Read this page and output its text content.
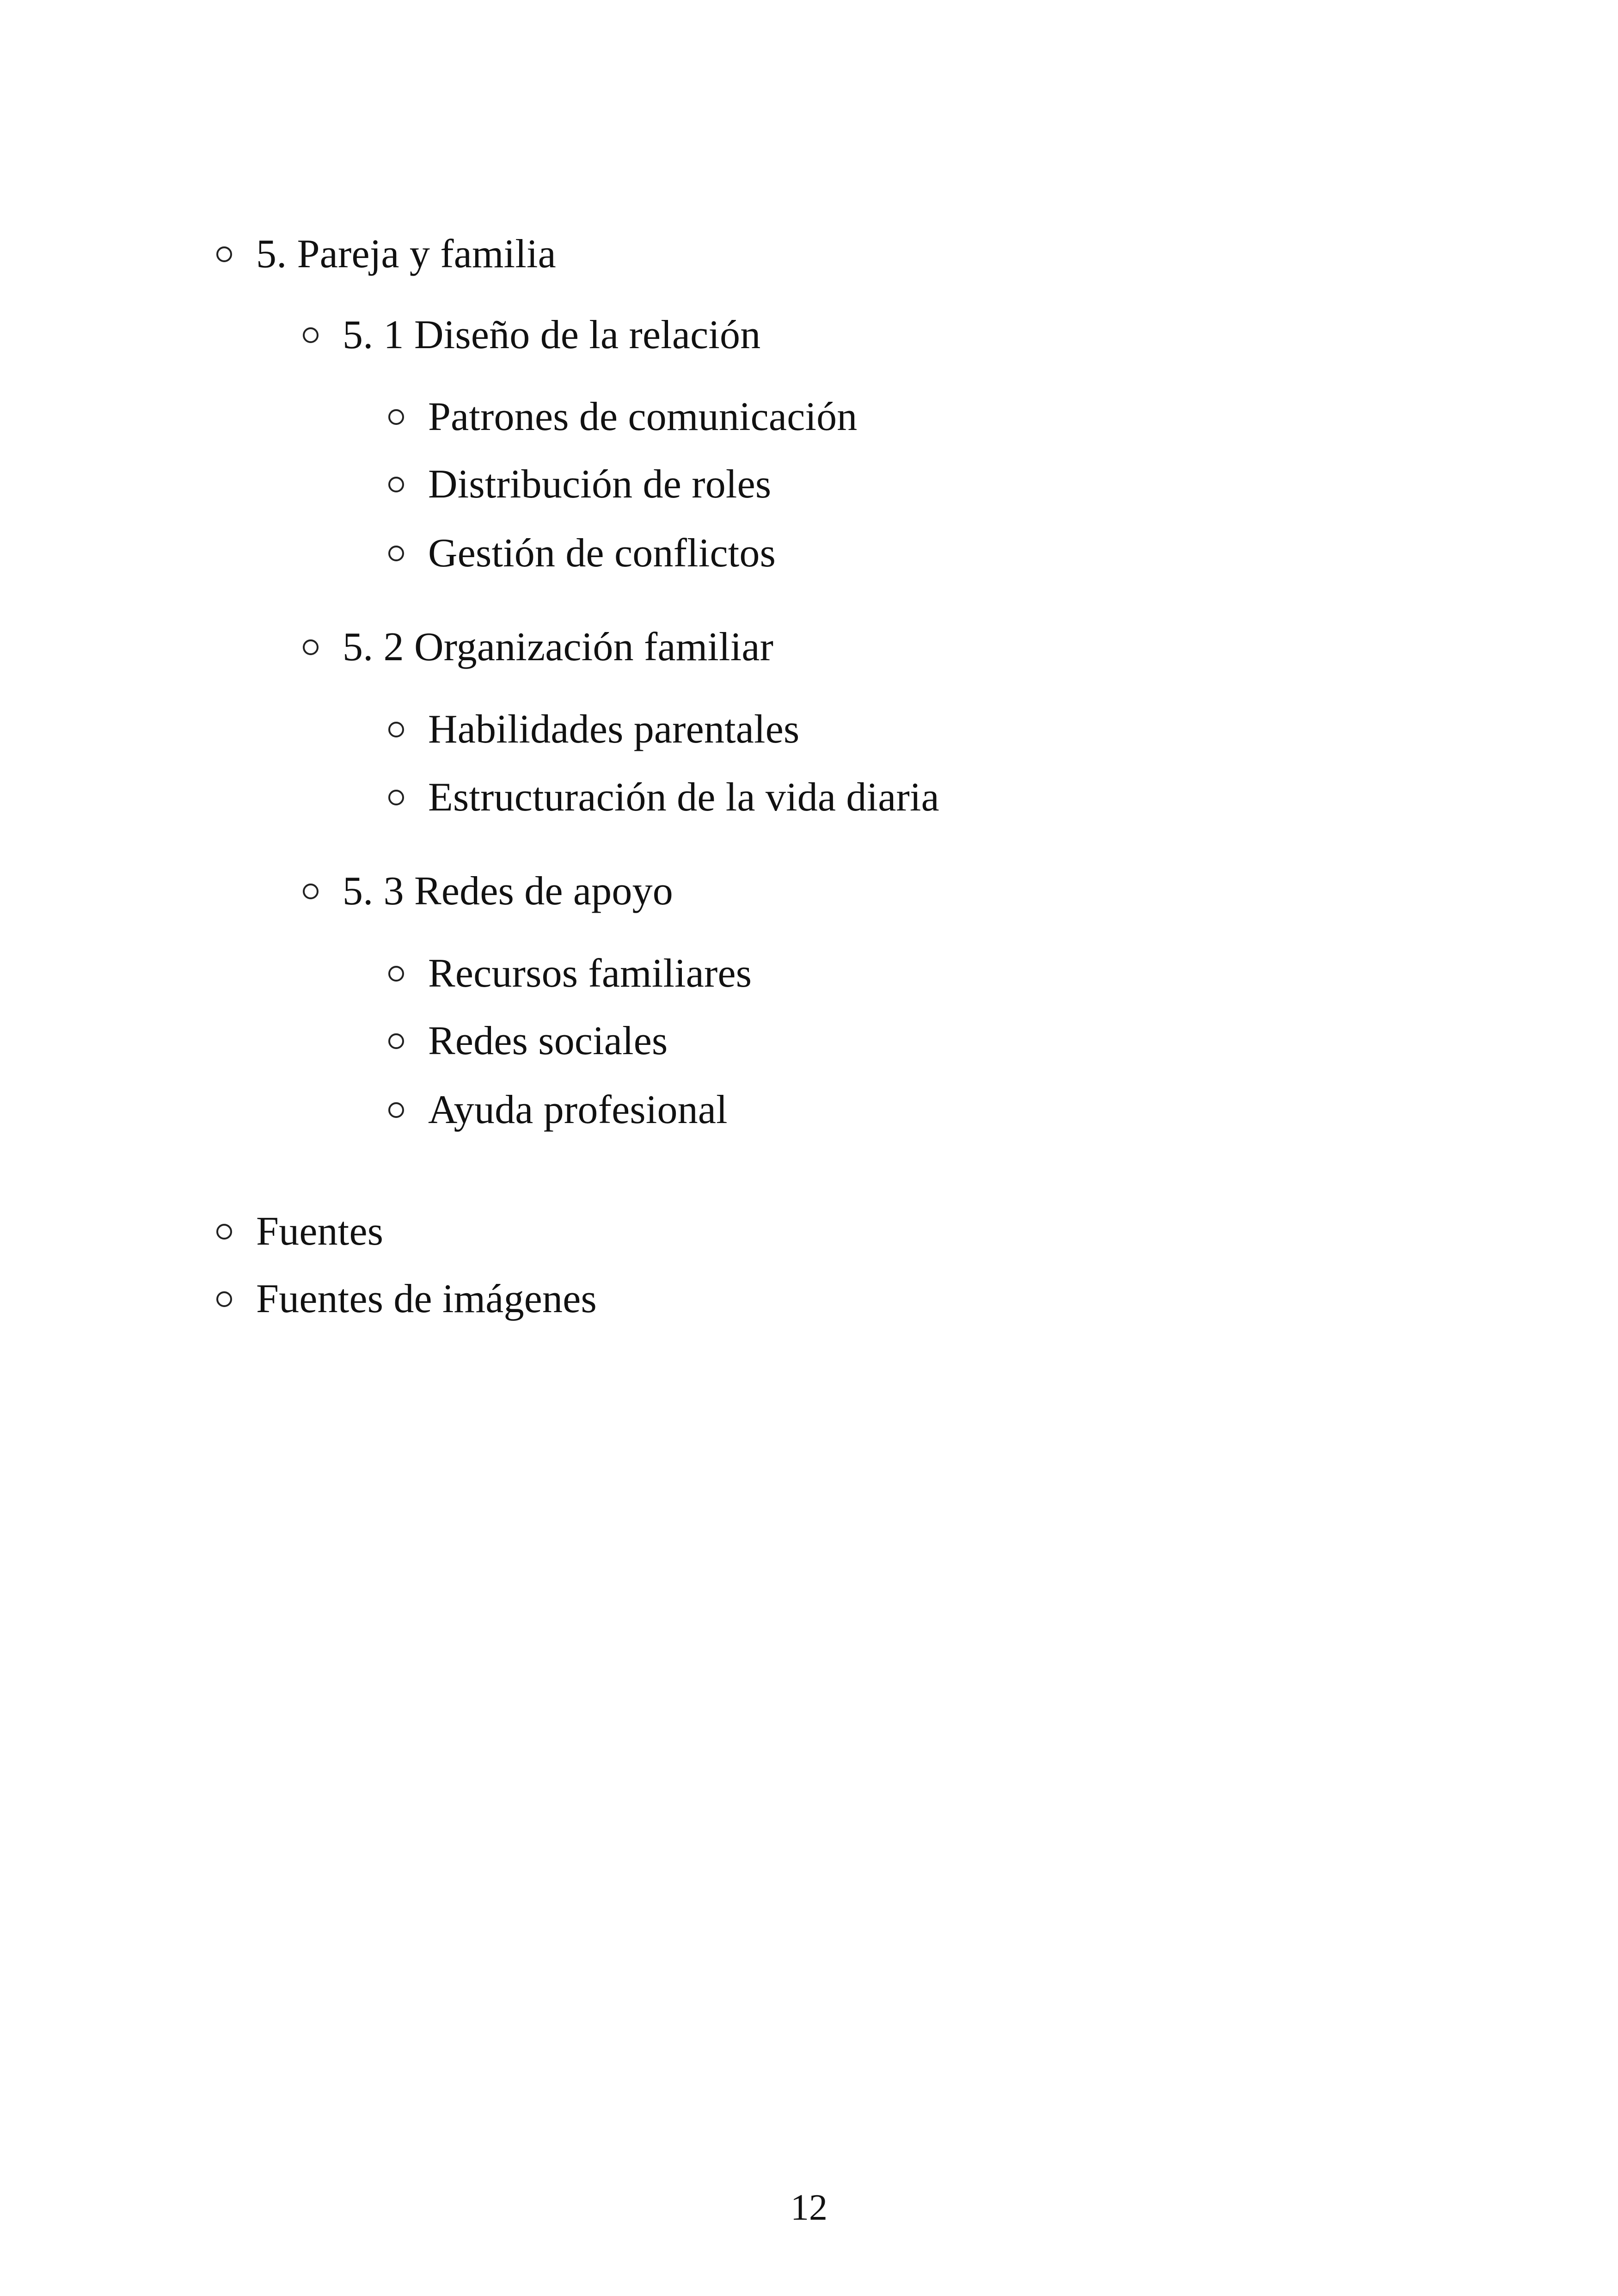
5. Pareja y familia
5. 1 Diseño de la relación
Patrones de comunicación
Distribución de roles
Gestión de conflictos
5. 2 Organización familiar
Habilidades parentales
Estructuración de la vida diaria
5. 3 Redes de apoyo
Recursos familiares
Redes sociales
Ayuda profesional
Fuentes
Fuentes de imágenes
12
